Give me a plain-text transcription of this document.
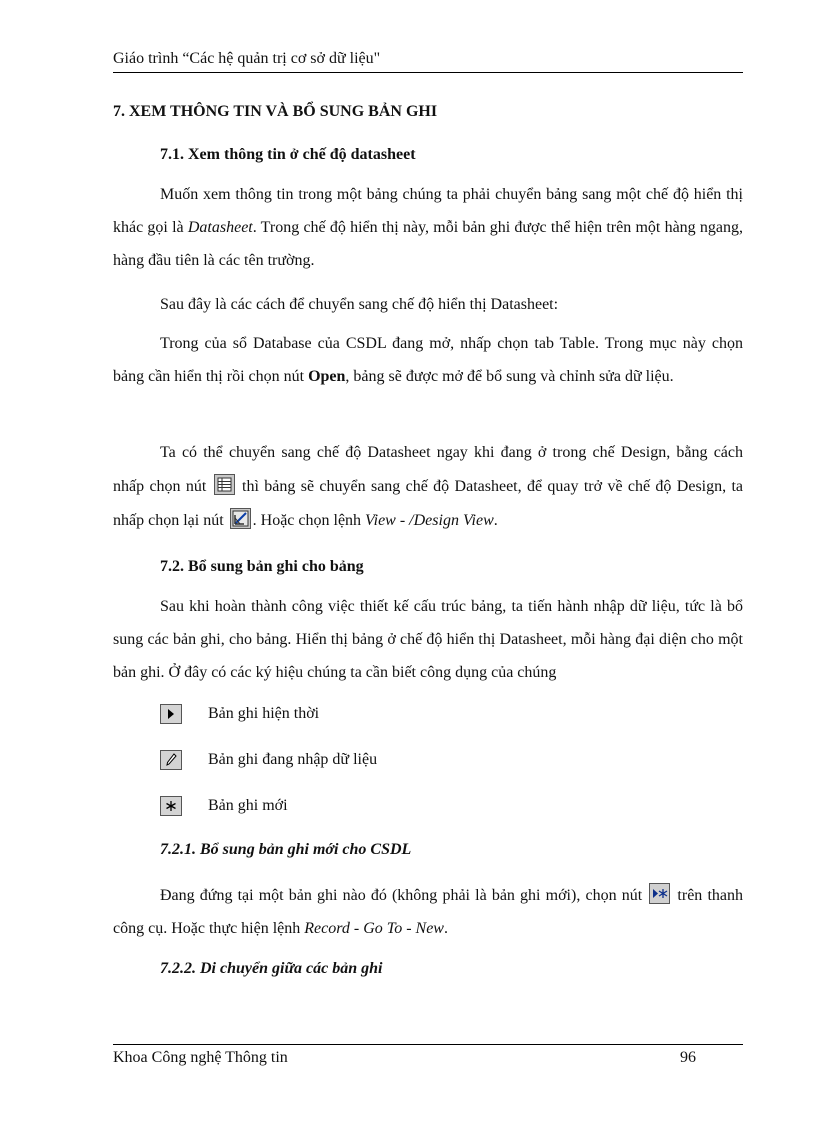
Giáo trình “Các hệ quản trị cơ sở dữ liệu"
7. XEM THÔNG TIN VÀ BỔ SUNG BẢN GHI
7.1. Xem thông tin ở chế độ datasheet

Muốn xem thông tin trong một bảng chúng ta phải chuyển bảng sang một chế độ hiển thị khác gọi là Datasheet. Trong chế độ hiển thị này, mỗi bản ghi được thể hiện trên một hàng ngang, hàng đầu tiên là các tên trường.

Sau đây là các cách để chuyển sang chế độ hiển thị Datasheet:

Trong của sổ Database của CSDL đang mở, nhấp chọn tab Table. Trong mục này chọn bảng cần hiển thị rồi chọn nút Open, bảng sẽ được mở để bổ sung và chỉnh sửa dữ liệu.

Ta có thể chuyển sang chế độ Datasheet ngay khi đang ở trong chế Design, bằng cách nhấp chọn nút
thì bảng sẽ chuyển sang chế độ Datasheet, để quay trở về chế độ Design, ta nhấp chọn lại nút
. Hoặc chọn lệnh View - /Design View.

7.2. Bổ sung bản ghi cho bảng

Sau khi hoàn thành công việc thiết kế cấu trúc bảng, ta tiến hành nhập dữ liệu, tức là bổ sung các bản ghi, cho bảng. Hiển thị bảng ở chế độ hiển thị Datasheet, mỗi hàng đại diện cho một bản ghi. Ở đây có các ký hiệu chúng ta cần biết công dụng của chúng

Bản ghi hiện thời
Bản ghi đang nhập dữ liệu
Bản ghi mới
7.2.1. Bổ sung bản ghi mới cho CSDL

Đang đứng tại một bản ghi nào đó (không phải là bản ghi mới), chọn nút
trên thanh công cụ. Hoặc thực hiện lệnh Record - Go To - New.

7.2.2. Di chuyển giữa các bản ghi
Khoa Công nghệ Thông tin	96
